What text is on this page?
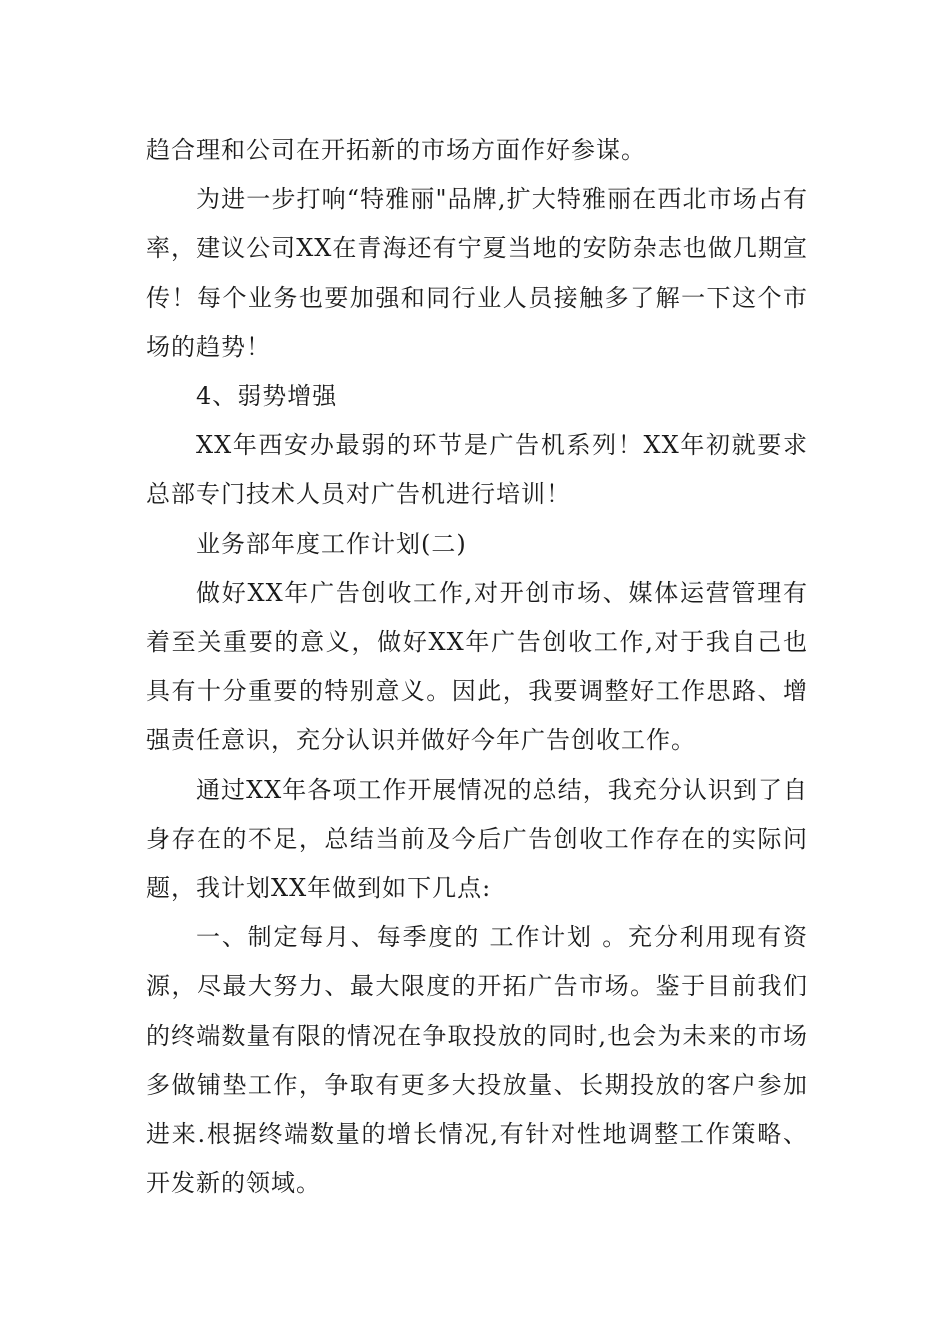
趋合理和公司在开拓新的市场方面作好参谋。

为进一步打响“特雅丽"品牌,扩大特雅丽在西北市场占有率，建议公司XX在青海还有宁夏当地的安防杂志也做几期宣传！每个业务也要加强和同行业人员接触多了解一下这个市场的趋势！

4、弱势增强

XX年西安办最弱的环节是广告机系列！XX年初就要求总部专门技术人员对广告机进行培训！

业务部年度工作计划(二)

做好XX年广告创收工作,对开创市场、媒体运营管理有着至关重要的意义，做好XX年广告创收工作,对于我自己也具有十分重要的特别意义。因此，我要调整好工作思路、增强责任意识，充分认识并做好今年广告创收工作。

通过XX年各项工作开展情况的总结，我充分认识到了自身存在的不足，总结当前及今后广告创收工作存在的实际问题，我计划XX年做到如下几点:

一、制定每月、每季度的 工作计划 。充分利用现有资源，尽最大努力、最大限度的开拓广告市场。鉴于目前我们的终端数量有限的情况在争取投放的同时,也会为未来的市场多做铺垫工作，争取有更多大投放量、长期投放的客户参加进来.根据终端数量的增长情况,有针对性地调整工作策略、开发新的领域。
